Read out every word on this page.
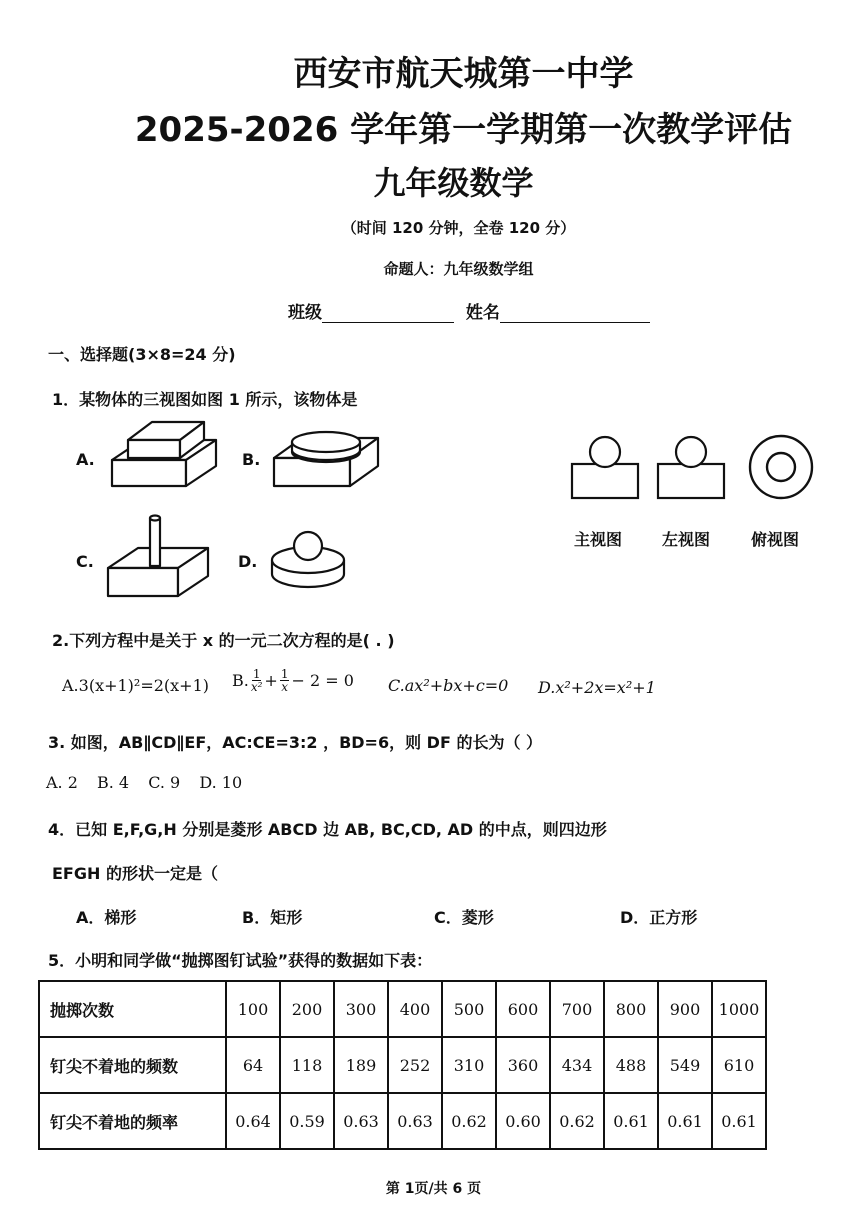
西安市航天城第一中学
2025-2026 学年第一学期第一次教学评估
九年级数学
（时间 120 分钟，全卷 120 分）
命题人：九年级数学组
班级	姓名
一、选择题(3×8=24 分)
1．某物体的三视图如图 1 所示，该物体是
A.	B.
C.	D.
主视图 左视图	俯视图
2.下列方程中是关于 x 的一元二次方程的是( . )
A.3(x+1)²=2(x+1) B. 1
$x^2 + \frac{1}{x} - 2 = 0$ C.ax²+bx+c=0 D.x²+2x=x²+1
3. 如图，AB∥CD∥EF，AC:CE=3:2 ，BD=6，则 DF 的长为（ ）
A. 2 B. 4 C. 9 D. 10
4．已知 E,F,G,H 分别是菱形 ABCD 边 AB, BC,CD, AD 的中点，则四边形
EFGH 的形状一定是（
A．梯形	B．矩形	C．菱形	D．正方形
5．小明和同学做“抛掷图钉试验”获得的数据如下表：
抛掷次数	100	200	300	400	500	600	700	800	900	1000
钉尖不着地的频数	64	118	189	252	310	360	434	488	549	610
钉尖不着地的频率	0.64	0.59	0.63	0.63	0.62	0.60	0.62	0.61	0.61	0.61
第 1页/共 6 页
